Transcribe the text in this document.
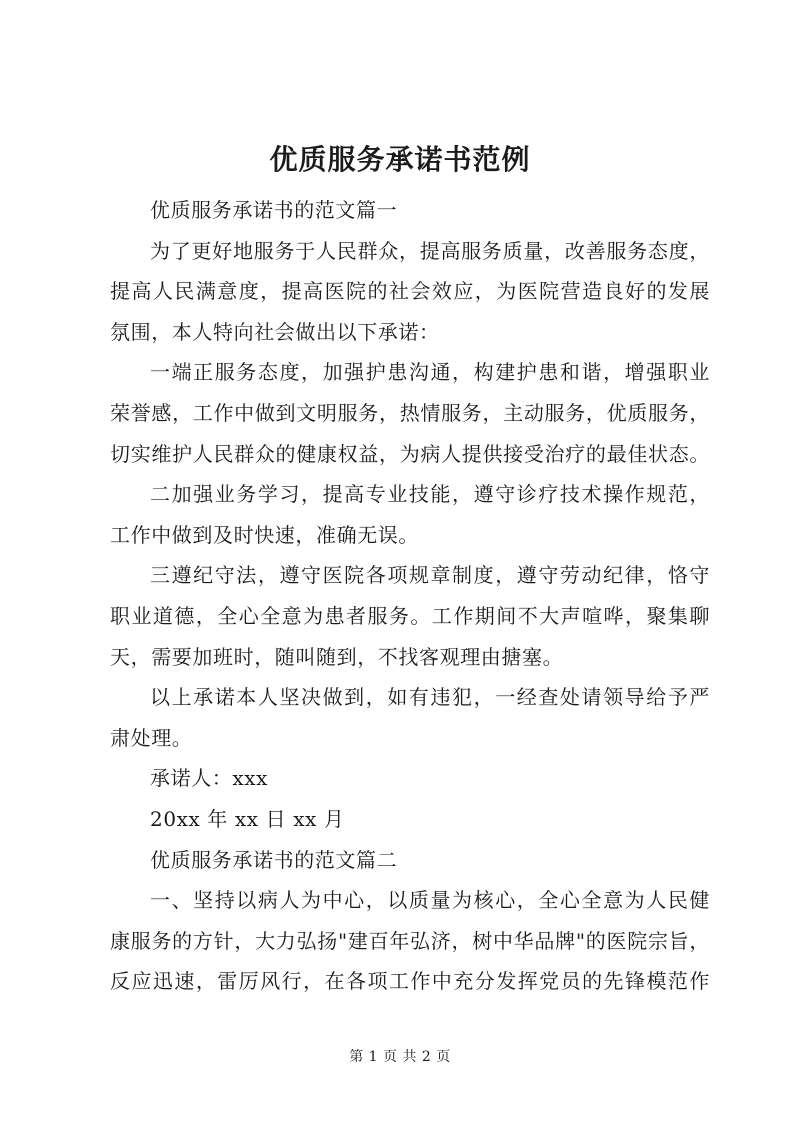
优质服务承诺书范例
优质服务承诺书的范文篇一
为了更好地服务于人民群众，提高服务质量，改善服务态度，
提高人民满意度，提高医院的社会效应，为医院营造良好的发展
氛围，本人特向社会做出以下承诺：
一端正服务态度，加强护患沟通，构建护患和谐，增强职业
荣誉感，工作中做到文明服务，热情服务，主动服务，优质服务，
切实维护人民群众的健康权益，为病人提供接受治疗的最佳状态。
二加强业务学习，提高专业技能，遵守诊疗技术操作规范，
工作中做到及时快速，准确无误。
三遵纪守法，遵守医院各项规章制度，遵守劳动纪律，恪守
职业道德，全心全意为患者服务。工作期间不大声喧哗，聚集聊
天，需要加班时，随叫随到，不找客观理由搪塞。
以上承诺本人坚决做到，如有违犯，一经查处请领导给予严
肃处理。
承诺人：xxx
20xx 年 xx 日 xx 月
优质服务承诺书的范文篇二
一、坚持以病人为中心，以质量为核心，全心全意为人民健
康服务的方针，大力弘扬"建百年弘济，树中华品牌"的医院宗旨，
反应迅速，雷厉风行，在各项工作中充分发挥党员的先锋模范作
第 1 页 共 2 页
